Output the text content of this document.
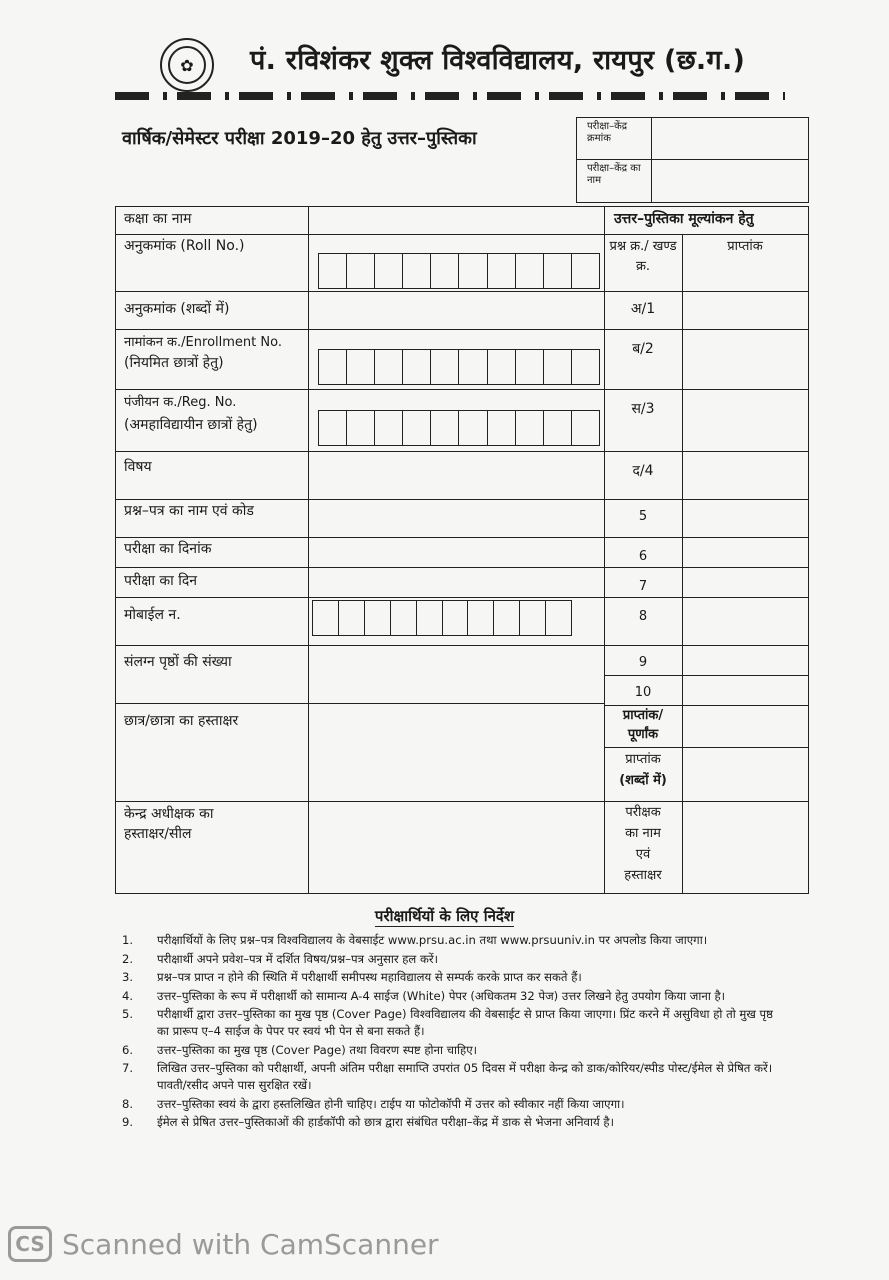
✿	पं. रविशंकर शुक्ल विश्वविद्यालय, रायपुर (छ.ग.)
वार्षिक/सेमेस्टर परीक्षा 2019–20 हेतु उत्तर–पुस्तिका
परीक्षा–केंद्र क्रमांक
परीक्षा–केंद्र का नाम
कक्षा का नाम
अनुकमांक (Roll No.)
अनुकमांक (शब्दों में)
नामांकन क./Enrollment No.
(नियमित छात्रों हेतु)
पंजीयन क./Reg. No.
(अमहाविद्यायीन छात्रों हेतु)
विषय
प्रश्न–पत्र का नाम एवं कोड
परीक्षा का दिनांक
परीक्षा का दिन
मोबाईल न.
संलग्न पृष्ठों की संख्या
छात्र/छात्रा का हस्ताक्षर
केन्द्र अधीक्षक का
हस्ताक्षर/सील
उत्तर–पुस्तिका मूल्यांकन हेतु
प्रश्न क्र./ खण्ड क्र.
प्राप्तांक
अ/1
ब/2
स/3
द/4
5
6
7
8
9
10
प्राप्तांक/
पूर्णांक
प्राप्तांक
(शब्दों में)
परीक्षक
का नाम
एवं
हस्ताक्षर
परीक्षार्थियों के लिए निर्देश
1. परीक्षार्थियों के लिए प्रश्न–पत्र विश्वविद्यालय के वेबसाईट www.prsu.ac.in तथा www.prsuuniv.in पर अपलोड किया जाएगा।
2. परीक्षार्थी अपने प्रवेश–पत्र में दर्शित विषय/प्रश्न–पत्र अनुसार हल करें।
3. प्रश्न–पत्र प्राप्त न होने की स्थिति में परीक्षार्थी समीपस्थ महाविद्यालय से सम्पर्क करके प्राप्त कर सकते हैं।
4. उत्तर–पुस्तिका के रूप में परीक्षार्थी को सामान्य A-4 साईज (White) पेपर (अधिकतम 32 पेज) उत्तर लिखने हेतु उपयोग किया जाना है।
5. परीक्षार्थी द्वारा उत्तर–पुस्तिका का मुख पृष्ठ (Cover Page) विश्वविद्यालय की वेबसाईट से प्राप्त किया जाएगा। प्रिंट करने में असुविधा हो तो मुख पृष्ठ का प्रारूप ए–4 साईज के पेपर पर स्वयं भी पेन से बना सकते हैं।
6. उत्तर–पुस्तिका का मुख पृष्ठ (Cover Page) तथा विवरण स्पष्ट होना चाहिए।
7. लिखित उत्तर–पुस्तिका को परीक्षार्थी, अपनी अंतिम परीक्षा समाप्ति उपरांत 05 दिवस में परीक्षा केन्द्र को डाक/कोरियर/स्पीड पोस्ट/ईमेल से प्रेषित करें। पावती/रसीद अपने पास सुरक्षित रखें।
8. उत्तर–पुस्तिका स्वयं के द्वारा हस्तलिखित होनी चाहिए। टाईप या फोटोकॉपी में उत्तर को स्वीकार नहीं किया जाएगा।
9. ईमेल से प्रेषित उत्तर–पुस्तिकाओं की हार्डकॉपी को छात्र द्वारा संबंधित परीक्षा–केंद्र में डाक से भेजना अनिवार्य है।
CS Scanned with CamScanner
